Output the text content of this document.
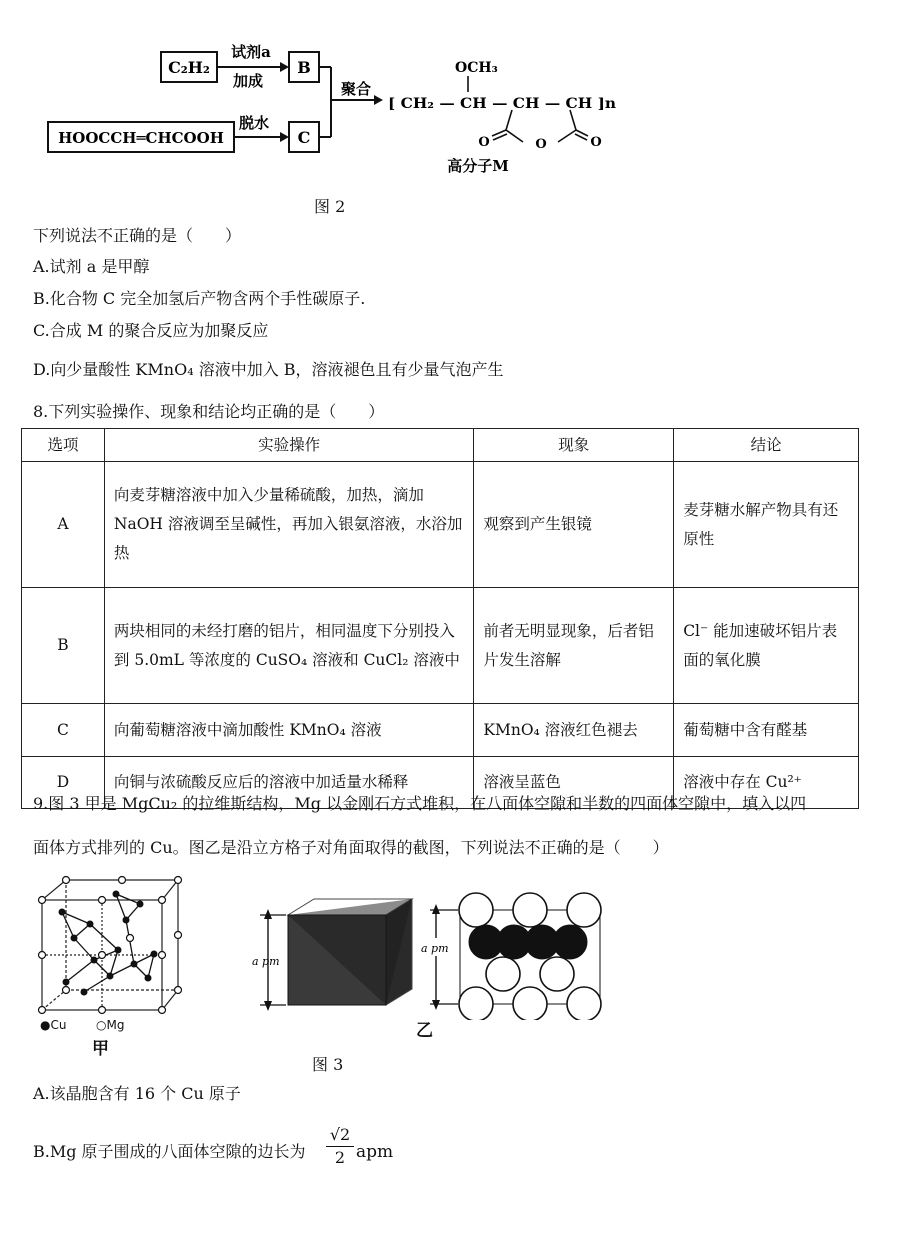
C₂H₂
试剂a
加成
B
HOOCCH═CHCOOH
脱水
C
聚合
OCH₃
[ CH₂ — CH — CH — CH ]n
O
O	O
高分子M
图 2
下列说法不正确的是（　　）
A.试剂 a 是甲醇
B.化合物 C 完全加氢后产物含两个手性碳原子.
C.合成 M 的聚合反应为加聚反应
D.向少量酸性 KMnO₄ 溶液中加入 B，溶液褪色且有少量气泡产生
8.下列实验操作、现象和结论均正确的是（　　）
选项	实验操作	现象	结论
A	向麦芽糖溶液中加入少量稀硫酸，加热，滴加NaOH 溶液调至呈碱性，再加入银氨溶液，水浴加热	观察到产生银镜	麦芽糖水解产物具有还原性
B	两块相同的未经打磨的铝片，相同温度下分别投入到 5.0mL 等浓度的 CuSO₄ 溶液和 CuCl₂ 溶液中	前者无明显现象，后者铝片发生溶解	Cl⁻ 能加速破坏铝片表面的氧化膜
C	向葡萄糖溶液中滴加酸性 KMnO₄ 溶液	KMnO₄ 溶液红色褪去	葡萄糖中含有醛基
D	向铜与浓硫酸反应后的溶液中加适量水稀释	溶液呈蓝色	溶液中存在 Cu²⁺
9.图 3 甲是 MgCu₂ 的拉维斯结构，Mg 以金刚石方式堆积，在八面体空隙和半数的四面体空隙中，填入以四
面体方式排列的 Cu。图乙是沿立方格子对角面取得的截图，下列说法不正确的是（　　）
●Cu ○Mg
甲
a pm
乙
a pm
图 3
A.该晶胞含有 16 个 Cu 原子
B.Mg 原子围成的八面体空隙的边长为 $\frac{√2}{2}$ apm
